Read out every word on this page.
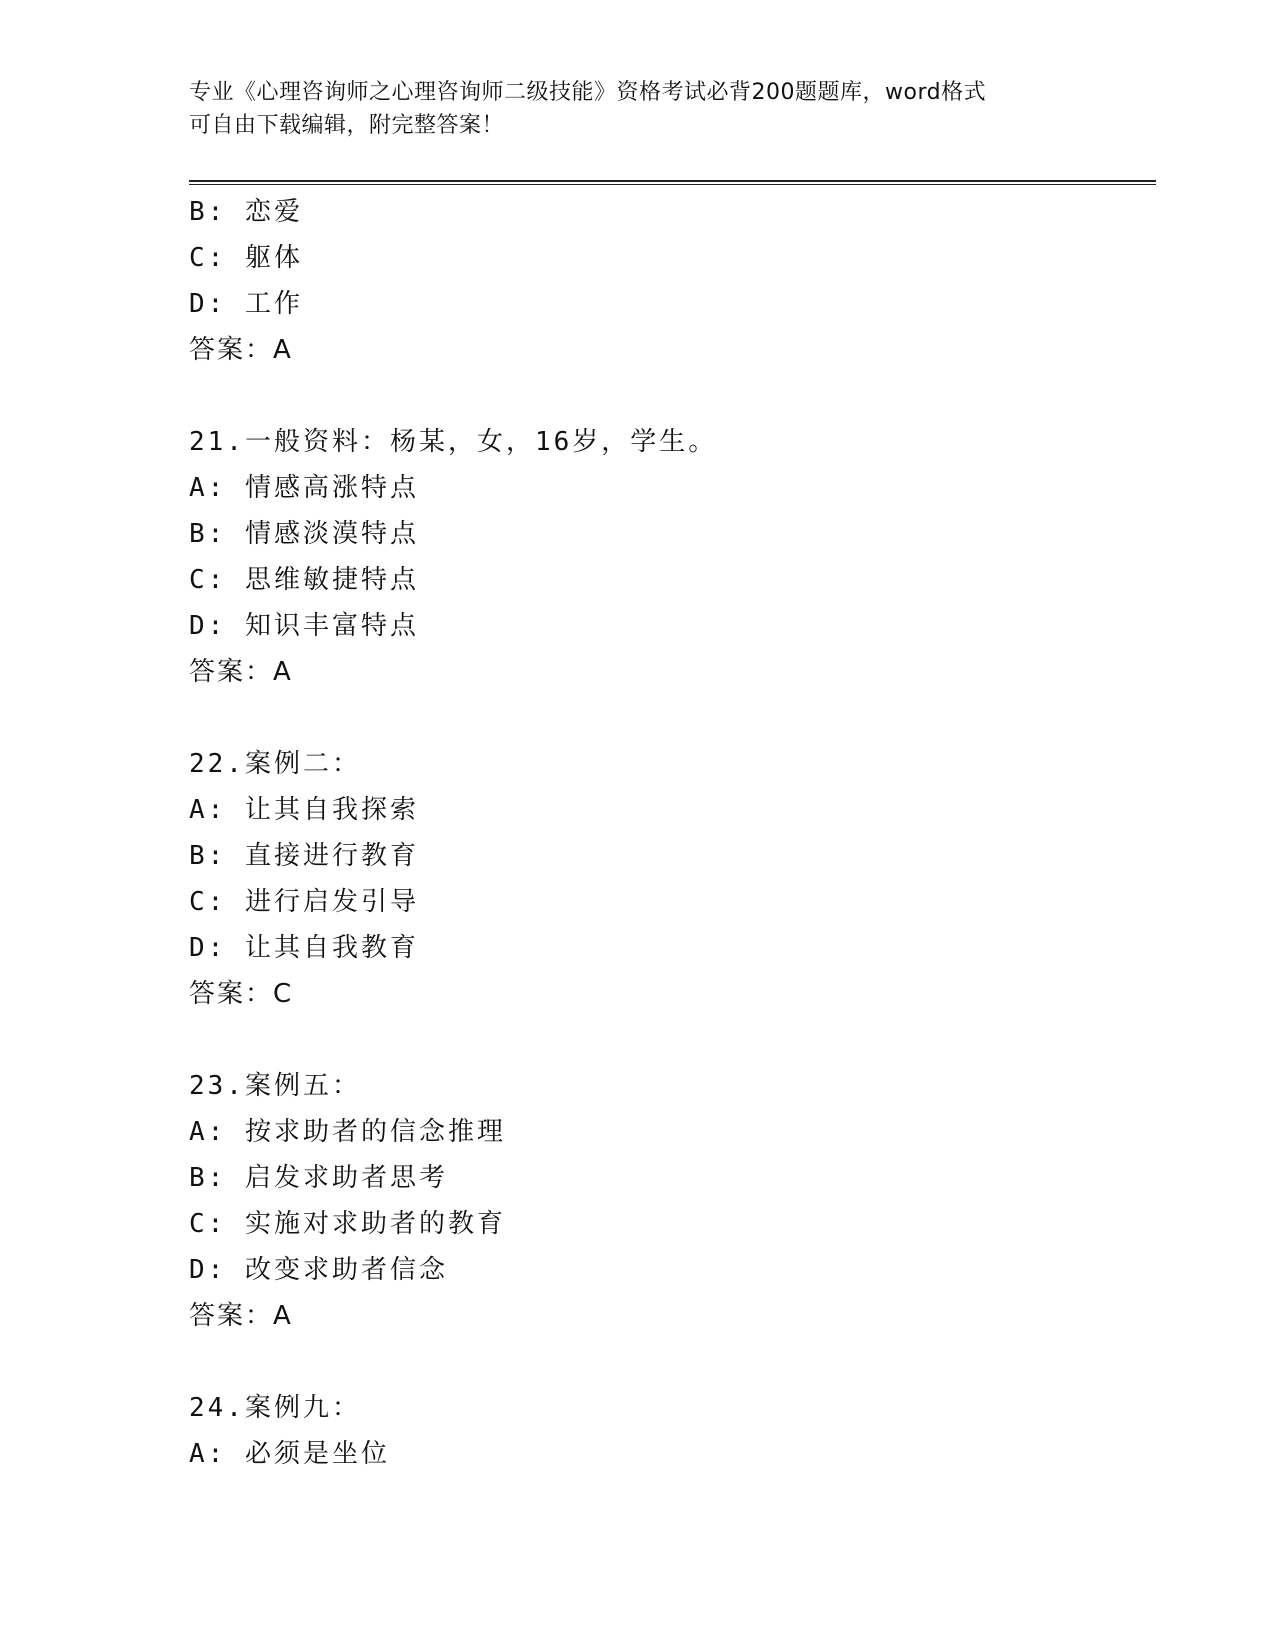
专业《心理咨询师之心理咨询师二级技能》资格考试必背200题题库，word格式
可自由下载编辑，附完整答案！
B: 恋爱
C: 躯体
D: 工作
答案：A
21.一般资料：杨某，女，16岁，学生。
A: 情感高涨特点
B: 情感淡漠特点
C: 思维敏捷特点
D: 知识丰富特点
答案：A
22.案例二：
A: 让其自我探索
B: 直接进行教育
C: 进行启发引导
D: 让其自我教育
答案：C
23.案例五：
A: 按求助者的信念推理
B: 启发求助者思考
C: 实施对求助者的教育
D: 改变求助者信念
答案：A
24.案例九：
A: 必须是坐位
